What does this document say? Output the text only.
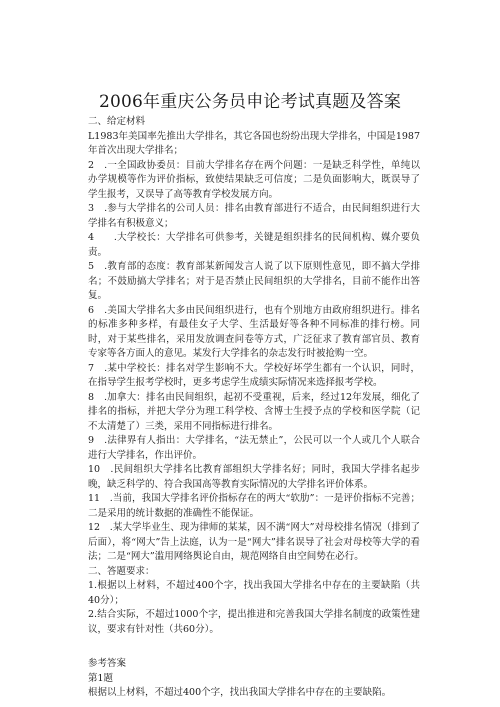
2006年重庆公务员申论考试真题及答案

二、给定材料

L1983年美国率先推出大学排名，其它各国也纷纷出现大学排名，中国是1987年首次出现大学排名；

2　.一全国政协委员：目前大学排名存在两个问题：一是缺乏科学性，单纯以办学规模等作为评价指标，致使结果缺乏可信度；二是负面影响大，既误导了学生报考，又误导了高等教育学校发展方向。

3　.参与大学排名的公司人员：排名由教育部进行不适合，由民间组织进行大学排名有积极意义；

4　　.大学校长：大学排名可供参考，关键是组织排名的民间机构、媒介要负责。

5　.教育部的态度：教育部某新闻发言人说了以下原则性意见，即不搞大学排名；不鼓励搞大学排名；对于是否禁止民间组织的大学排名，目前不能作出答复。

6　.美国大学排名大多由民间组织进行，也有个别地方由政府组织进行。排名的标准多种多样，有最佳女子大学、生活最好等各种不同标准的排行榜。同时，对于某些排名，采用发放调查问卷等方式，广泛征求了教育部官员、教育专家等各方面人的意见。某发行大学排名的杂志发行时被抢购一空。

7　.某中学校长：排名对学生影响不大。学校好坏学生都有一个认识，同时，在指导学生报考学校时，更多考虑学生成绩实际情况来选择报考学校。

8　.加拿大：排名由民间组织，起初不受重视，后来，经过12年发展，细化了排名的指标，并把大学分为理工科学校、含博士生授予点的学校和医学院（记不太清楚了）三类，采用不同指标进行排名。

9　.法律界有人指出：大学排名，“法无禁止”，公民可以一个人或几个人联合进行大学排名，作出评价。

10　.民间组织大学排名比教育部组织大学排名好；同时，我国大学排名起步晚，缺乏科学的、符合我国高等教育实际情况的大学排名评价体系。

11　.当前，我国大学排名评价指标存在的两大“软肋”：一是评价指标不完善；二是采用的统计数据的准确性不能保证。

12　.某大学毕业生、现为律师的某某，因不满“网大”对母校排名情况（排到了后面），将“网大”告上法庭，认为一是“网大”排名误导了社会对母校等大学的看法；二是“网大”滥用网络舆论自由，规范网络自由空间势在必行。

二、答题要求：

1.根据以上材料，不超过400个字，找出我国大学排名中存在的主要缺陷（共40分）；

2.结合实际，不超过1000个字，提出推进和完善我国大学排名制度的政策性建议，要求有针对性（共60分）。

参考答案

第1题

根据以上材料，不超过400个字，找出我国大学排名中存在的主要缺陷。
